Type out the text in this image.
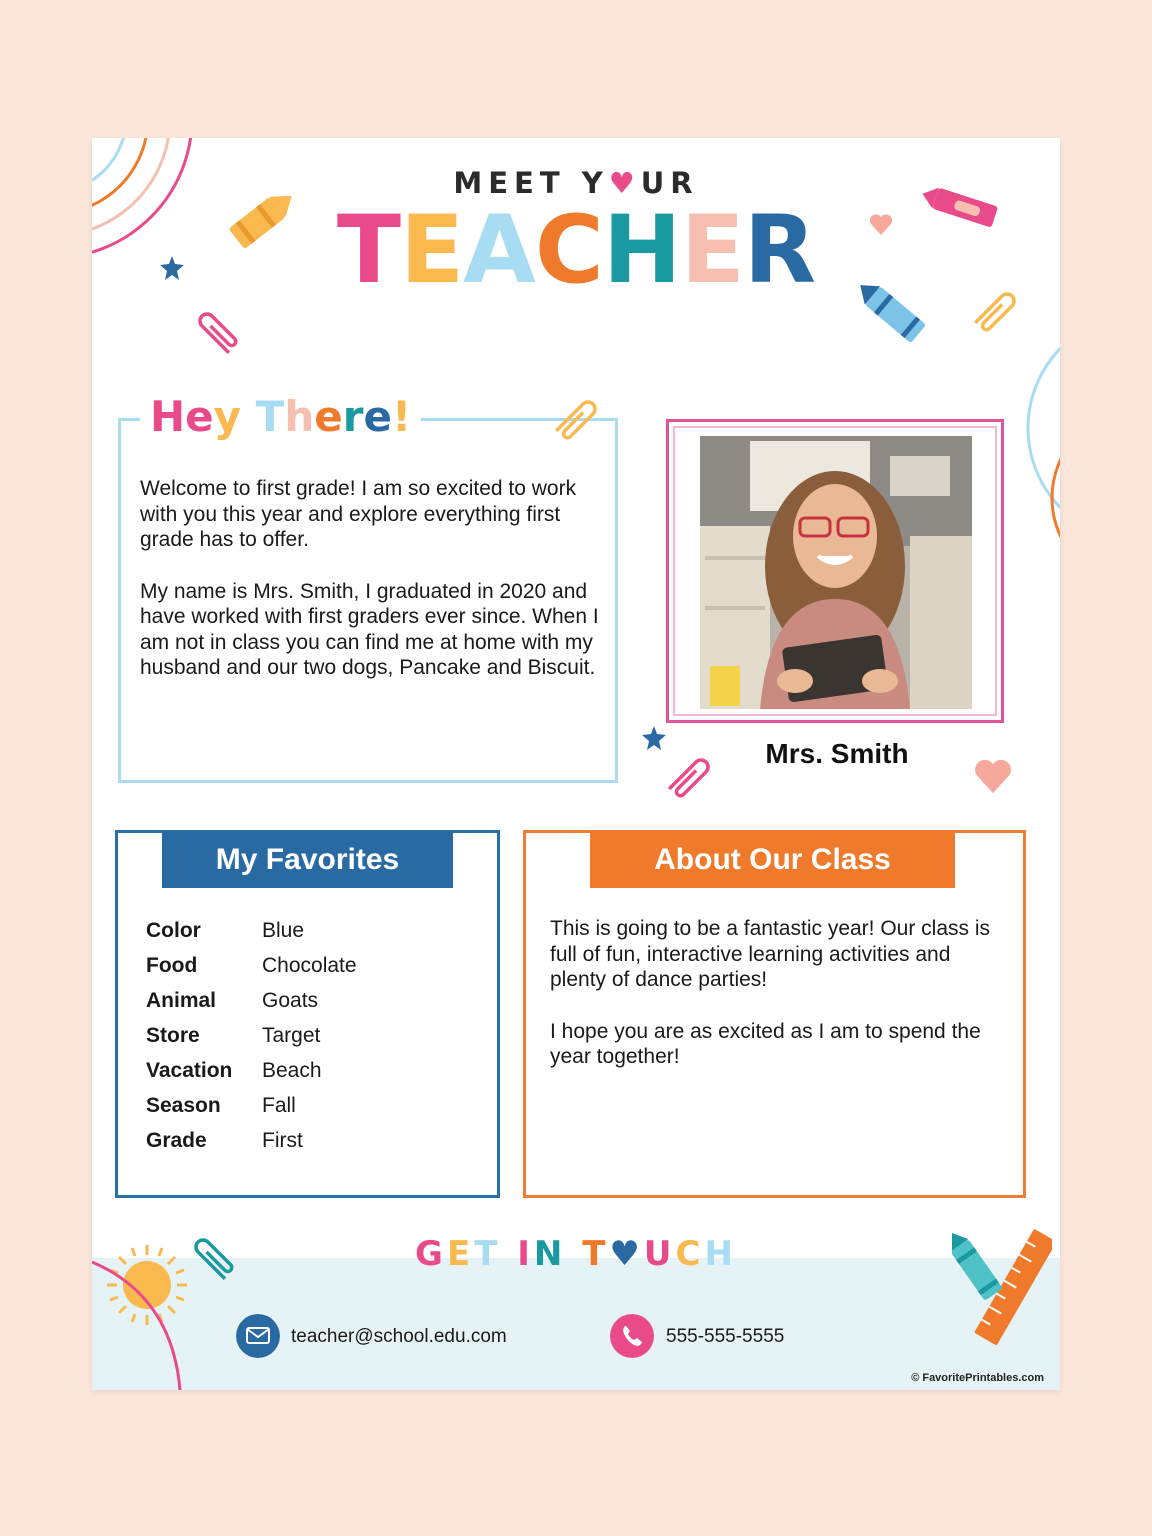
MEET Y♥UR
TEACHER
Hey There!

Welcome to first grade! I am so excited to work with you this year and explore everything first grade has to offer.

My name is Mrs. Smith, I graduated in 2020 and have worked with first graders ever since. When I am not in class you can find me at home with my husband and our two dogs, Pancake and Biscuit.

Mrs. Smith
My Favorites
Color	Blue
Food	Chocolate
Animal	Goats
Store	Target
Vacation	Beach
Season	Fall
Grade	First
About Our Class

This is going to be a fantastic year! Our class is full of fun, interactive learning activities and plenty of dance parties!

I hope you are as excited as I am to spend the year together!

GET IN T♥UCH
teacher@school.edu.com	555-555-5555
© FavoritePrintables.com
